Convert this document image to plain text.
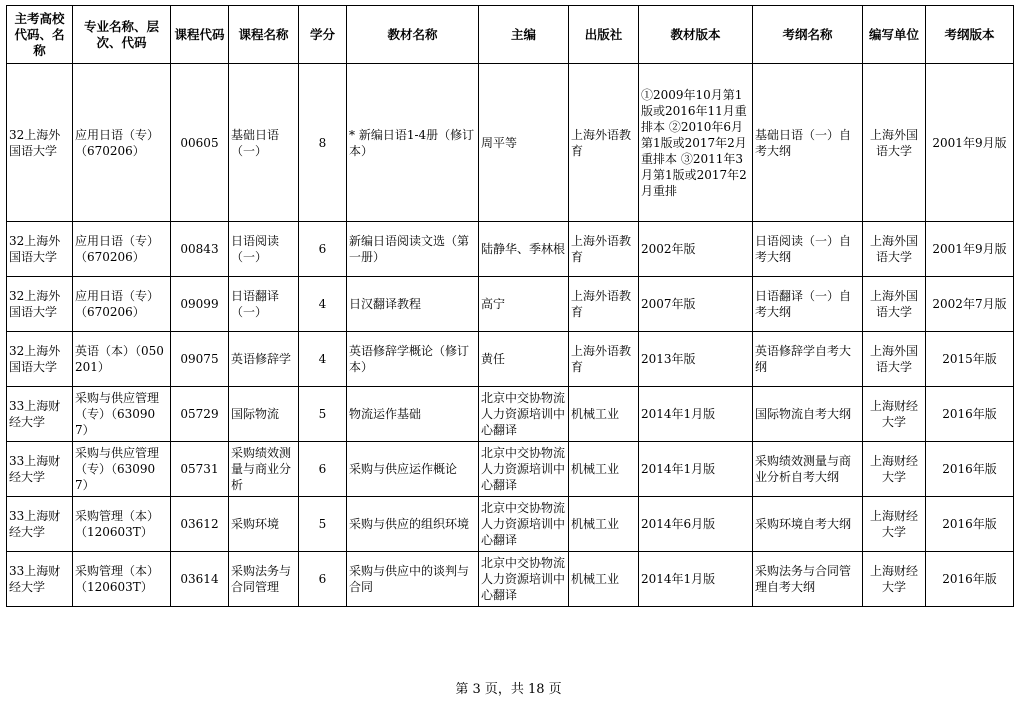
主考高校代码、名称	专业名称、层次、代码	课程代码	课程名称	学分	教材名称	主编	出版社	教材版本	考纲名称	编写单位	考纲版本
32上海外国语大学	应用日语（专）（670206）	00605	基础日语（一）	8	* 新编日语1-4册（修订本）	周平等	上海外语教育	①2009年10月第1版或2016年11月重排本 ②2010年6月第1版或2017年2月重排本 ③2011年3月第1版或2017年2月重排	基础日语（一）自考大纲	上海外国语大学	2001年9月版
32上海外国语大学	应用日语（专）（670206）	00843	日语阅读（一）	6	新编日语阅读文选（第一册）	陆静华、季林根	上海外语教育	2002年版	日语阅读（一）自考大纲	上海外国语大学	2001年9月版
32上海外国语大学	应用日语（专）（670206）	09099	日语翻译（一）	4	日汉翻译教程	高宁	上海外语教育	2007年版	日语翻译（一）自考大纲	上海外国语大学	2002年7月版
32上海外国语大学	英语（本）（050201）	09075	英语修辞学	4	英语修辞学概论（修订本）	黄任	上海外语教育	2013年版	英语修辞学自考大纲	上海外国语大学	2015年版
33上海财经大学	采购与供应管理（专）（630907）	05729	国际物流	5	物流运作基础	北京中交协物流人力资源培训中心翻译	机械工业	2014年1月版	国际物流自考大纲	上海财经大学	2016年版
33上海财经大学	采购与供应管理（专）（630907）	05731	采购绩效测量与商业分析	6	采购与供应运作概论	北京中交协物流人力资源培训中心翻译	机械工业	2014年1月版	采购绩效测量与商业分析自考大纲	上海财经大学	2016年版
33上海财经大学	采购管理（本）（120603T）	03612	采购环境	5	采购与供应的组织环境	北京中交协物流人力资源培训中心翻译	机械工业	2014年6月版	采购环境自考大纲	上海财经大学	2016年版
33上海财经大学	采购管理（本）（120603T）	03614	采购法务与合同管理	6	采购与供应中的谈判与合同	北京中交协物流人力资源培训中心翻译	机械工业	2014年1月版	采购法务与合同管理自考大纲	上海财经大学	2016年版
第 3 页，共 18 页
